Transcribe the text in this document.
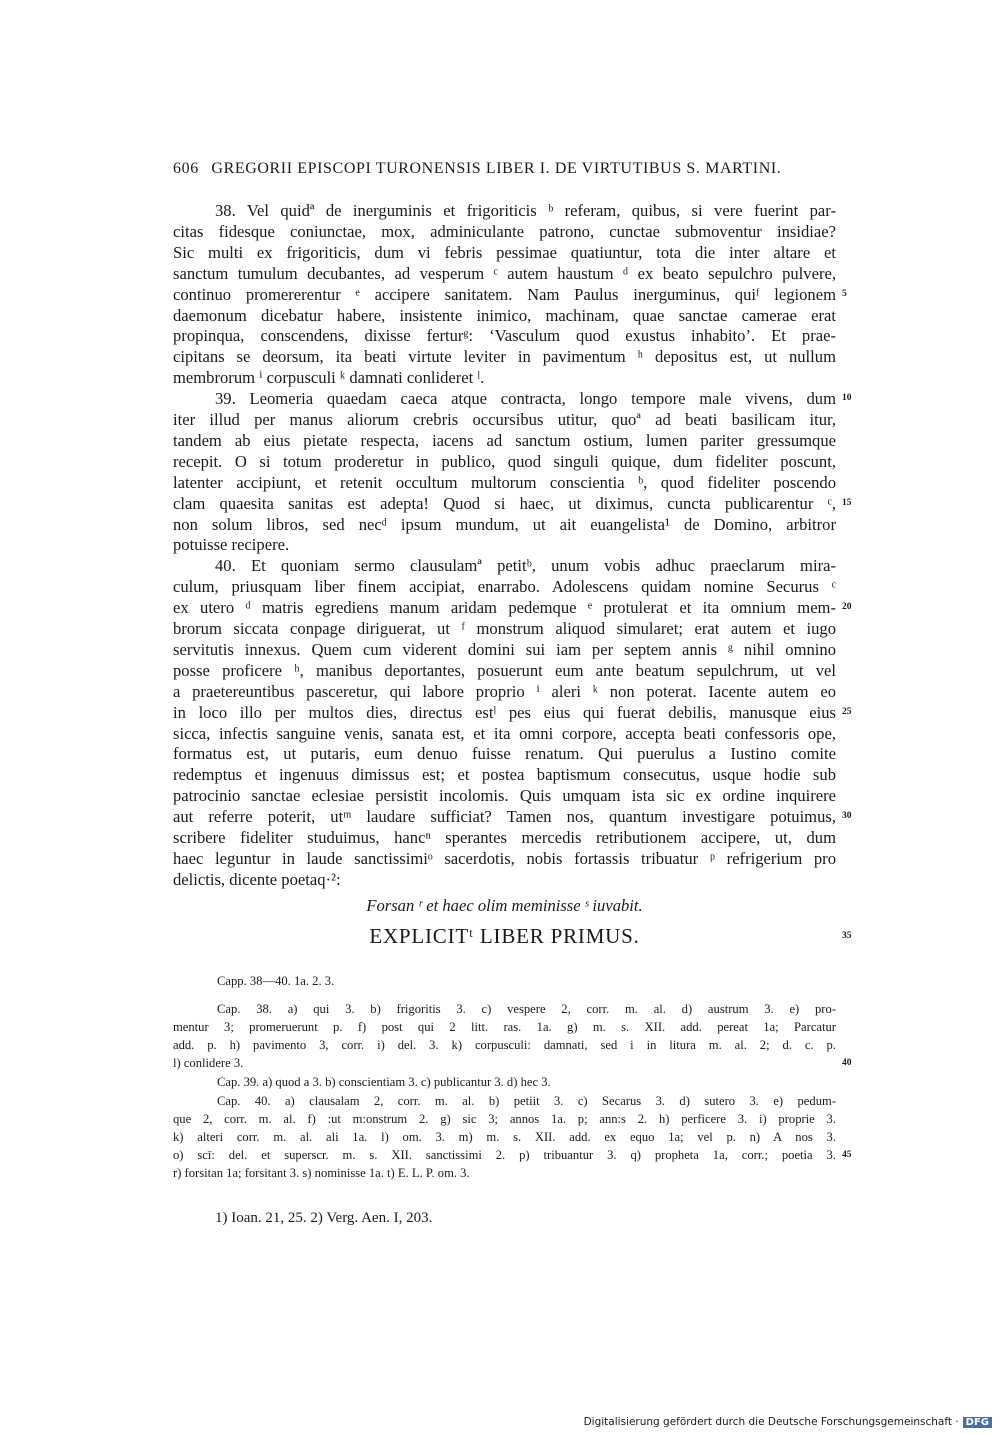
606 GREGORII EPISCOPI TURONENSIS LIBER I. DE VIRTUTIBUS S. MARTINI.
38. Vel quidª de inerguminis et frigoriticis ᵇ referam, quibus, si vere fuerint par-
citas fidesque coniunctae, mox, adminiculante patrono, cunctae submoventur insidiae?
Sic multi ex frigoriticis, dum vi febris pessimae quatiuntur, tota die inter altare et
sanctum tumulum decubantes, ad vesperum ᶜ autem haustum ᵈ ex beato sepulchro pulvere,
continuo promererentur ᵉ accipere sanitatem. Nam Paulus inerguminus, quiᶠ legionem 5
daemonum dicebatur habere, insistente inimico, machinam, quae sanctae camerae erat
propinqua, conscendens, dixisse ferturᵍ: ‘Vasculum quod exustus inhabito’. Et prae-
cipitans se deorsum, ita beati virtute leviter in pavimentum ʰ depositus est, ut nullum
membrorum ⁱ corpusculi ᵏ damnati conlideret ˡ.
39. Leomeria quaedam caeca atque contracta, longo tempore male vivens, dum 10
iter illud per manus aliorum crebris occursibus utitur, quoª ad beati basilicam itur,
tandem ab eius pietate respecta, iacens ad sanctum ostium, lumen pariter gressumque
recepit. O si totum proderetur in publico, quod singuli quique, dum fideliter poscunt,
latenter accipiunt, et retenit occultum multorum conscientia ᵇ, quod fideliter poscendo
clam quaesita sanitas est adepta! Quod si haec, ut diximus, cuncta publicarentur ᶜ, 15
non solum libros, sed necᵈ ipsum mundum, ut ait euangelista¹ de Domino, arbitror
potuisse recipere.
40. Et quoniam sermo clausulamª petitᵇ, unum vobis adhuc praeclarum mira-
culum, priusquam liber finem accipiat, enarrabo. Adolescens quidam nomine Securus ᶜ
ex utero ᵈ matris egrediens manum aridam pedemque ᵉ protulerat et ita omnium mem- 20
brorum siccata conpage diriguerat, ut ᶠ monstrum aliquod simularet; erat autem et iugo
servitutis innexus. Quem cum viderent domini sui iam per septem annis ᵍ nihil omnino
posse proficere ʰ, manibus deportantes, posuerunt eum ante beatum sepulchrum, ut vel
a praetereuntibus pasceretur, qui labore proprio ⁱ aleri ᵏ non poterat. Iacente autem eo
in loco illo per multos dies, directus estˡ pes eius qui fuerat debilis, manusque eius 25
sicca, infectis sanguine venis, sanata est, et ita omni corpore, accepta beati confessoris ope,
formatus est, ut putaris, eum denuo fuisse renatum. Qui puerulus a Iustino comite
redemptus et ingenuus dimissus est; et postea baptismum consecutus, usque hodie sub
patrocinio sanctae eclesiae persistit incolomis. Quis umquam ista sic ex ordine inquirere
aut referre poterit, utᵐ laudare sufficiat? Tamen nos, quantum investigare potuimus, 30
scribere fideliter studuimus, hancⁿ sperantes mercedis retributionem accipere, ut, dum
haec leguntur in laude sanctissimiᵒ sacerdotis, nobis fortassis tribuatur ᵖ refrigerium pro
delictis, dicente poetaq·²:
Forsan ʳ et haec olim meminisse ˢ iuvabit.
EXPLICITᵗ LIBER PRIMUS.	35
Capp. 38—40. 1a. 2. 3.
Cap. 38. a) qui 3. b) frigoritis 3. c) vespere 2, corr. m. al. d) austrum 3. e) pro-
mentur 3; promeruerunt p. f) post qui 2 litt. ras. 1a. g) m. s. XII. add. pereat 1a; Parcatur
add. p. h) pavimento 3, corr. i) del. 3. k) corpusculi: damnati, sed i in litura m. al. 2; d. c. p.
l) conlidere 3.	40
Cap. 39. a) quod a 3. b) conscientiam 3. c) publicantur 3. d) hec 3.
Cap. 40. a) clausalam 2, corr. m. al. b) petiit 3. c) Secarus 3. d) sutero 3. e) pedum-
que 2, corr. m. al. f) :ut m:onstrum 2. g) sic 3; annos 1a. p; ann:s 2. h) perficere 3. i) proprie 3.
k) alteri corr. m. al. ali 1a. l) om. 3. m) m. s. XII. add. ex equo 1a; vel p. n) A nos 3.
o) scī: del. et superscr. m. s. XII. sanctissimi 2. p) tribuantur 3. q) propheta 1a, corr.; poetia 3. 45
r) forsitan 1a; forsitant 3. s) nominisse 1a. t) E. L. P. om. 3.
1) Ioan. 21, 25. 2) Verg. Aen. I, 203.
Digitalisierung gefördert durch die Deutsche Forschungsgemeinschaft · DFG
